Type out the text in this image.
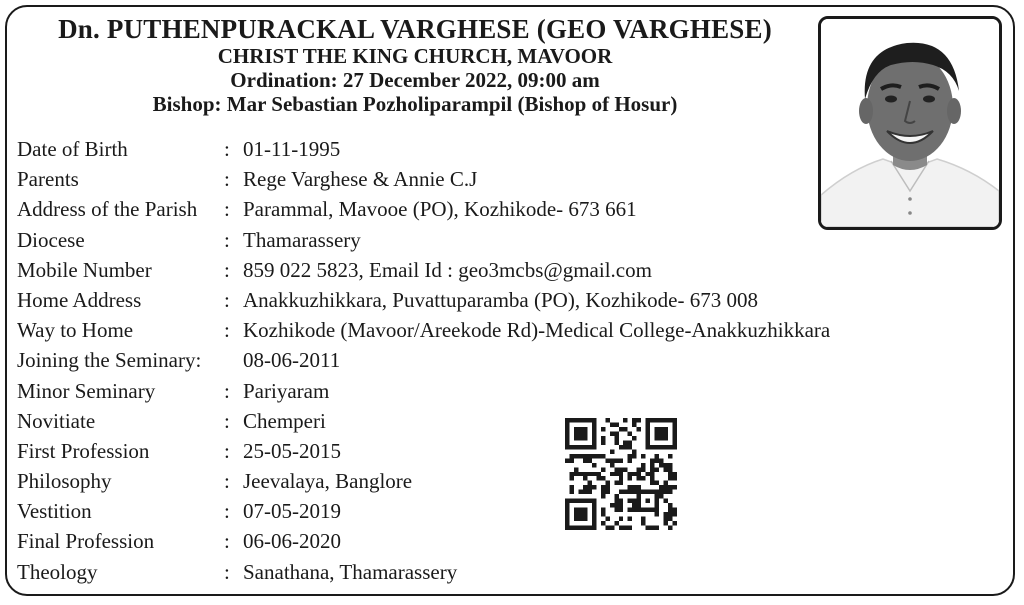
Dn. PUTHENPURACKAL VARGHESE (GEO VARGHESE)
CHRIST THE KING CHURCH, MAVOOR
Ordination: 27 December 2022, 09:00 am
Bishop: Mar Sebastian Pozholiparampil (Bishop of Hosur)
Date of Birth	: 01-11-1995
Parents	: Rege Varghese & Annie C.J
Address of the Parish : Parammal, Mavooe (PO), Kozhikode- 673 661
Diocese	: Thamarassery
Mobile Number	: 859 022 5823, Email Id : geo3mcbs@gmail.com
Home Address	: Anakkuzhikkara, Puvattuparamba (PO), Kozhikode- 673 008
Way to Home	: Kozhikode (Mavoor/Areekode Rd)-Medical College-Anakkuzhikkara
Joining the Seminary: 08-06-2011
Minor Seminary	: Pariyaram
Novitiate	: Chemperi
First Profession	: 25-05-2015
Philosophy	: Jeevalaya, Banglore
Vestition	: 07-05-2019
Final Profession	: 06-06-2020
Theology	: Sanathana, Thamarassery
